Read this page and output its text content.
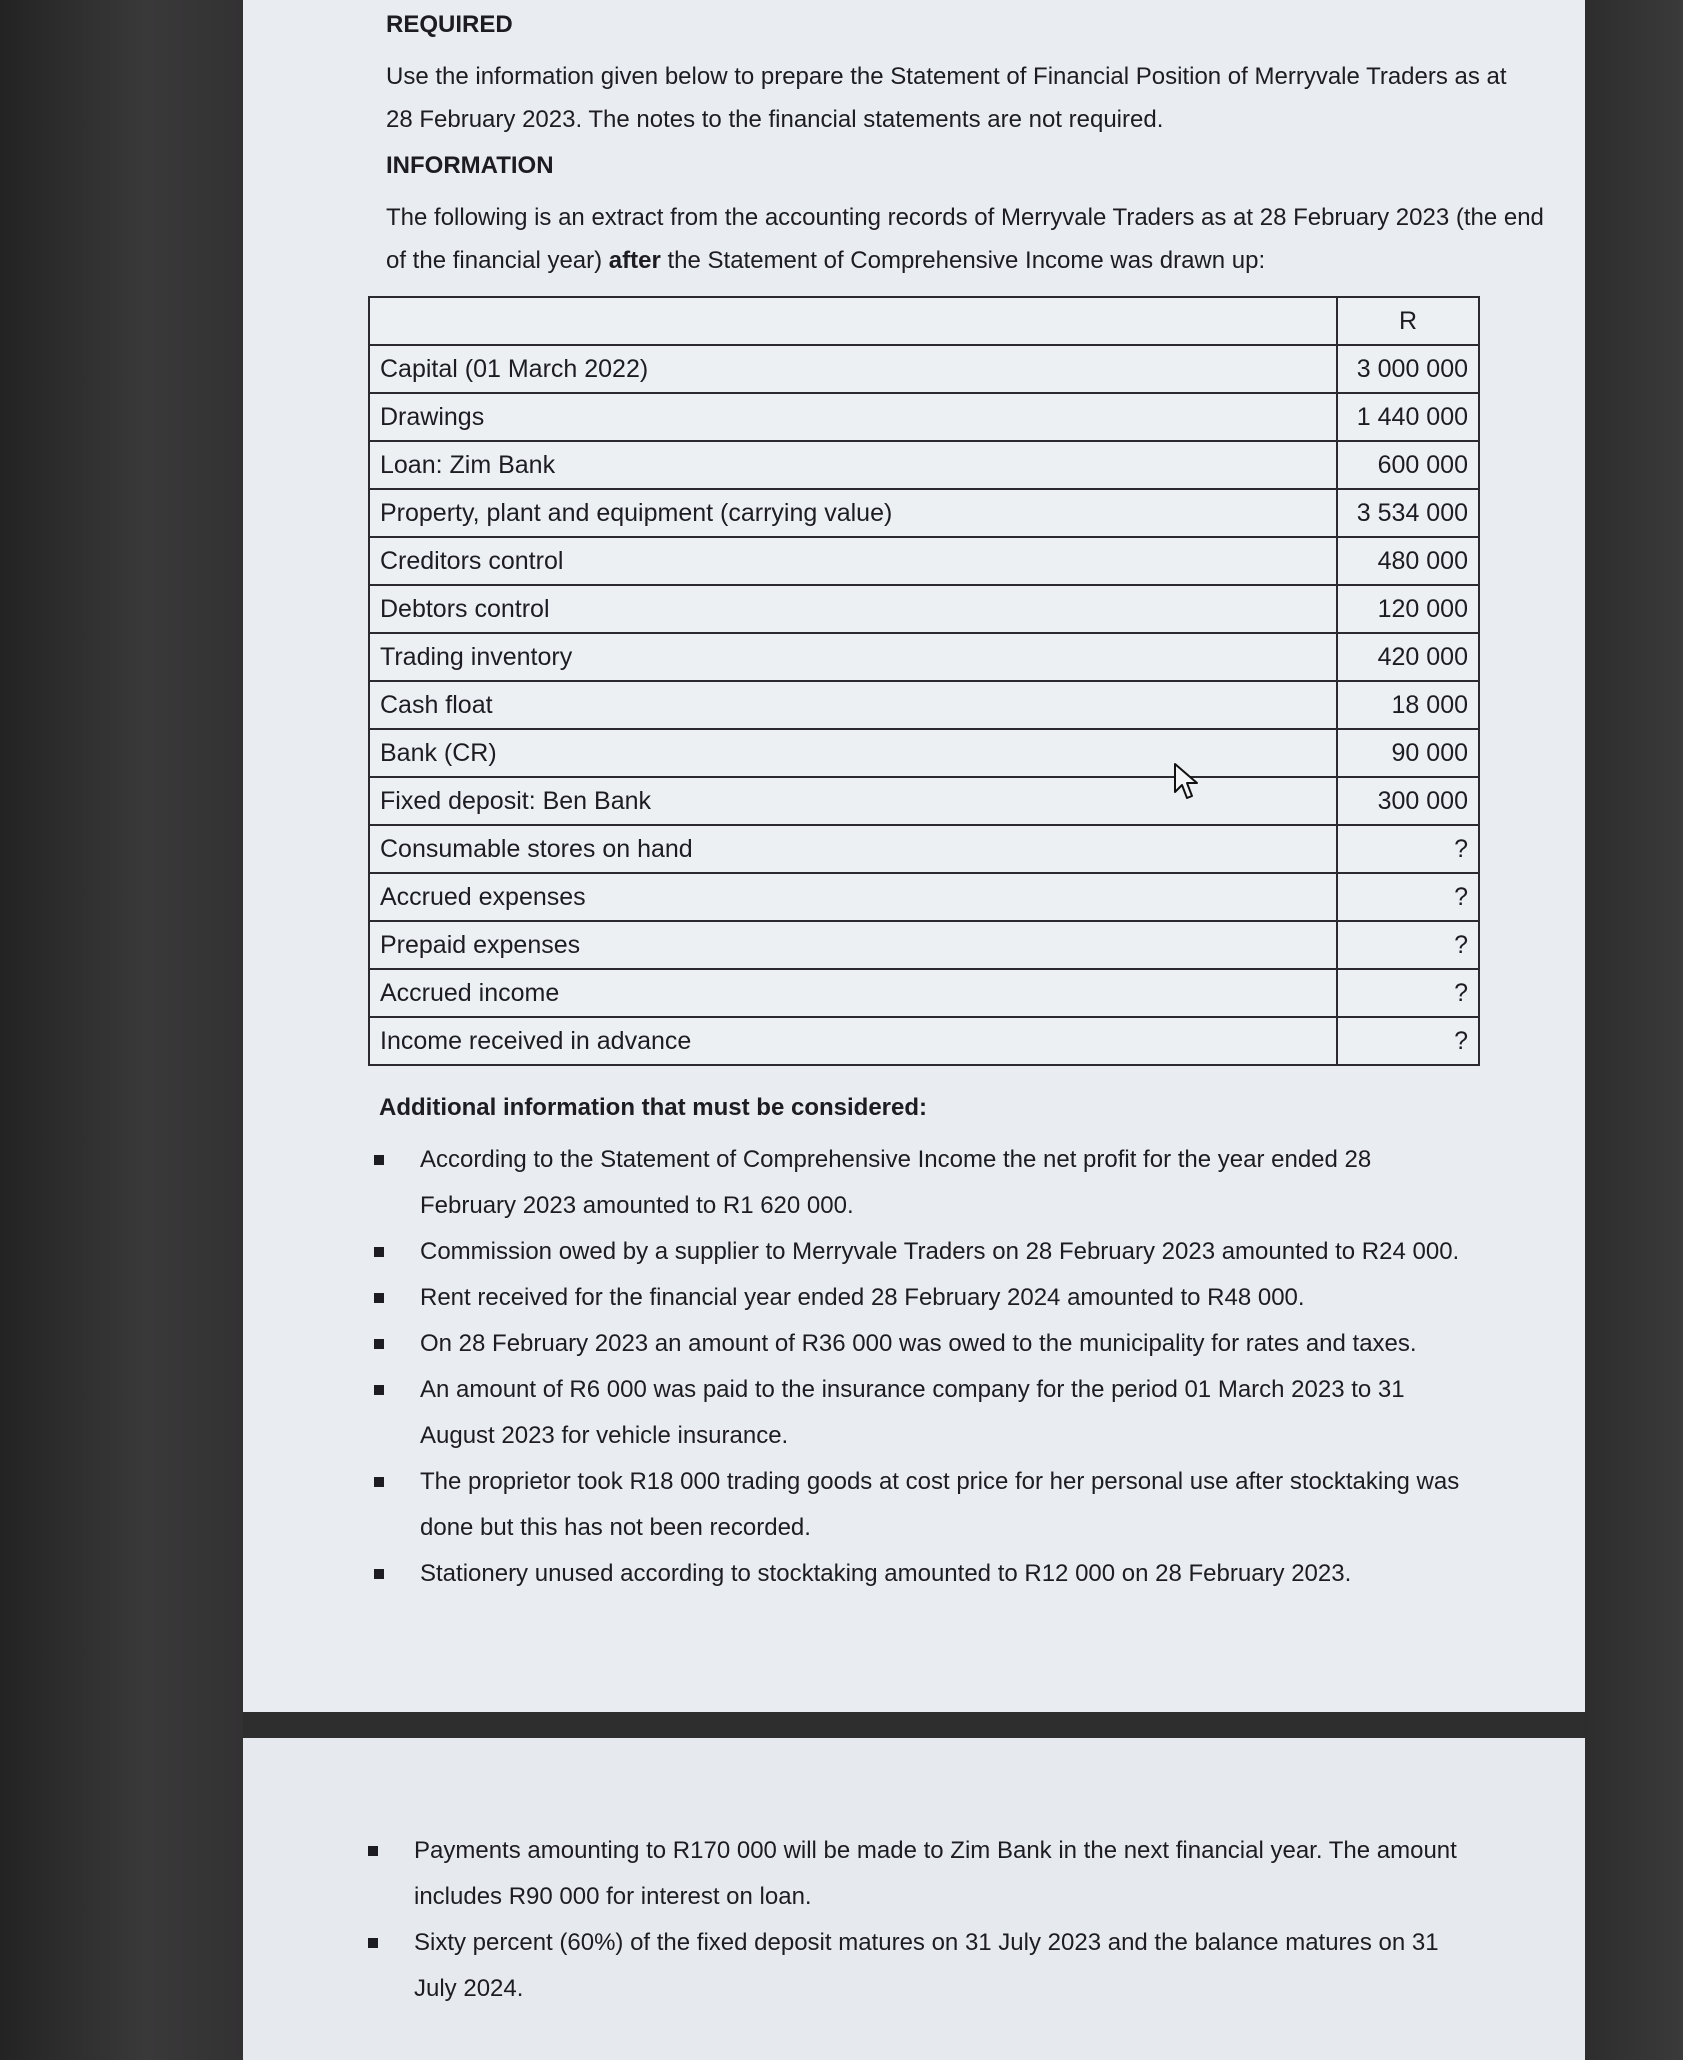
REQUIRED
Use the information given below to prepare the Statement of Financial Position of Merryvale Traders as at
28 February 2023. The notes to the financial statements are not required.
INFORMATION
The following is an extract from the accounting records of Merryvale Traders as at 28 February 2023 (the end
of the financial year) after the Statement of Comprehensive Income was drawn up:
	R
Capital (01 March 2022)	3 000 000
Drawings	1 440 000
Loan: Zim Bank	600 000
Property, plant and equipment (carrying value)	3 534 000
Creditors control	480 000
Debtors control	120 000
Trading inventory	420 000
Cash float	18 000
Bank (CR)	90 000
Fixed deposit: Ben Bank	300 000
Consumable stores on hand	?
Accrued expenses	?
Prepaid expenses	?
Accrued income	?
Income received in advance	?
Additional information that must be considered:
According to the Statement of Comprehensive Income the net profit for the year ended 28 February 2023 amounted to R1 620 000.
Commission owed by a supplier to Merryvale Traders on 28 February 2023 amounted to R24 000.
Rent received for the financial year ended 28 February 2024 amounted to R48 000.
On 28 February 2023 an amount of R36 000 was owed to the municipality for rates and taxes.
An amount of R6 000 was paid to the insurance company for the period 01 March 2023 to 31 August 2023 for vehicle insurance.
The proprietor took R18 000 trading goods at cost price for her personal use after stocktaking was done but this has not been recorded.
Stationery unused according to stocktaking amounted to R12 000 on 28 February 2023.
Payments amounting to R170 000 will be made to Zim Bank in the next financial year. The amount includes R90 000 for interest on loan.
Sixty percent (60%) of the fixed deposit matures on 31 July 2023 and the balance matures on 31 July 2024.
